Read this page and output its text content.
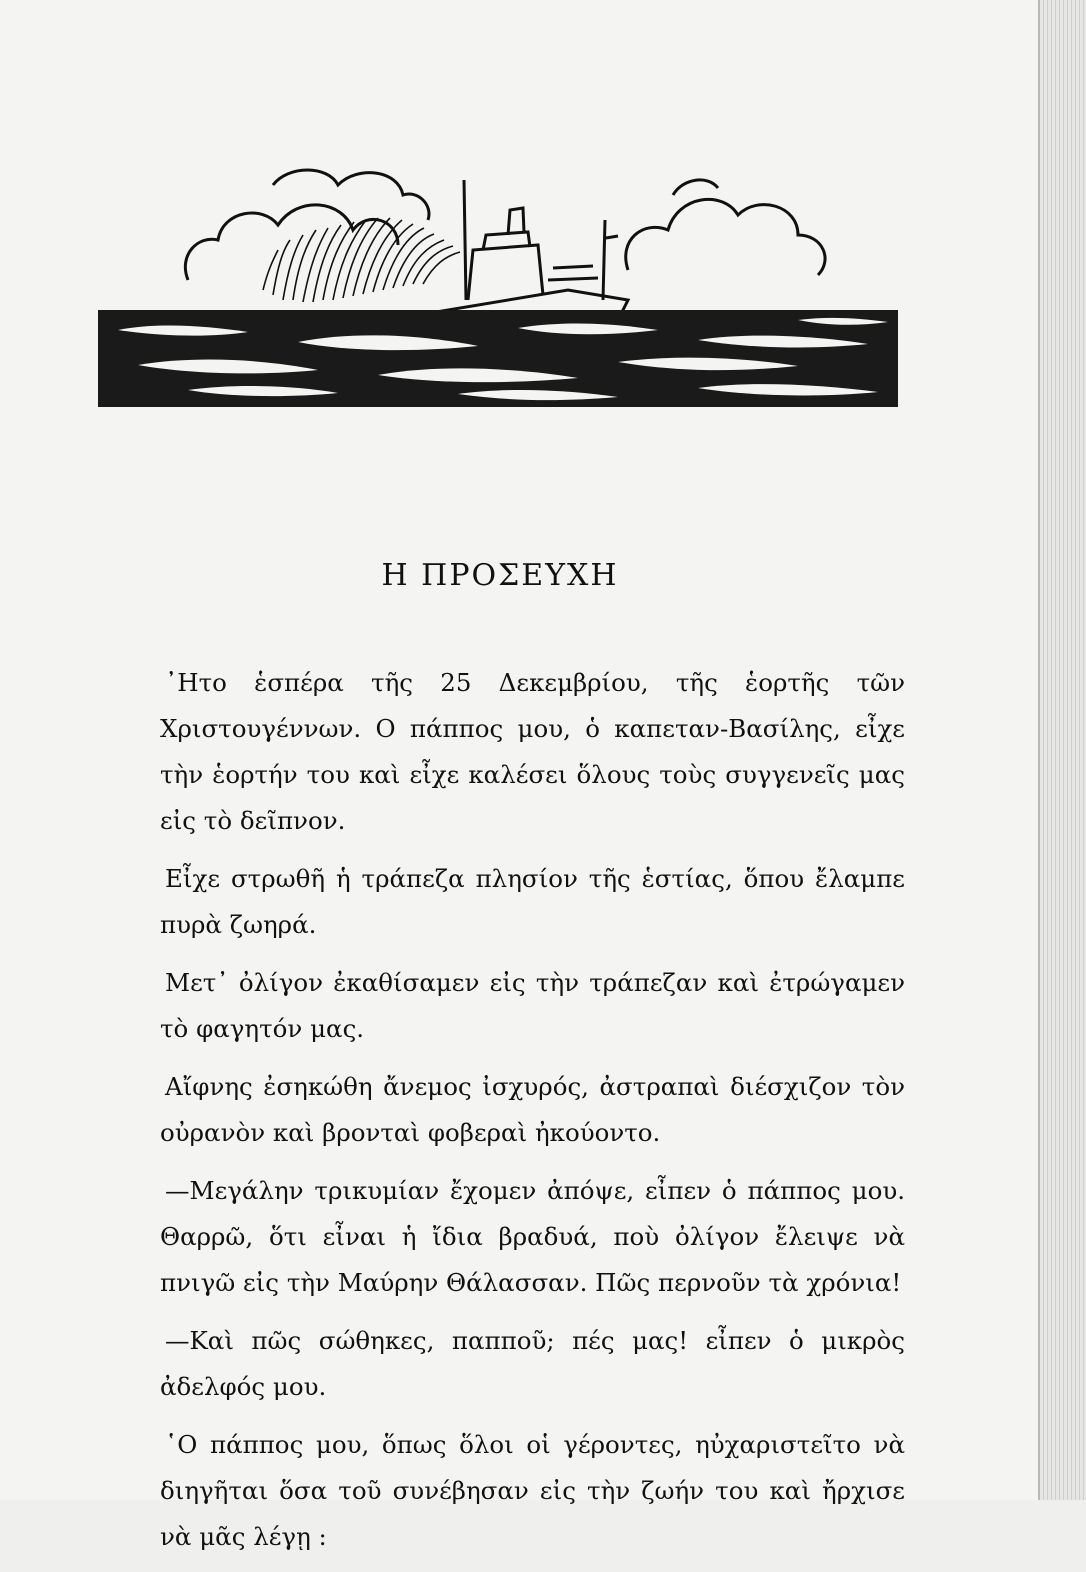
Η ΠΡΟΣΕΥΧΗ

᾿Ητο ἑσπέρα τῆς 25 Δεκεμβρίου, τῆς ἑορτῆς τῶν Χριστουγέννων. Ο πάππος μου, ὁ καπεταν-Βασίλης, εἶχε τὴν ἑορτήν του καὶ εἶχε καλέσει ὅλους τοὺς συγγενεῖς μας εἰς τὸ δεῖπνον.

Εἶχε στρωθῆ ἡ τράπεζα πλησίον τῆς ἑστίας, ὅπου ἔλαμπε πυρὰ ζωηρά.

Μετ᾿ ὀλίγον ἐκαθίσαμεν εἰς τὴν τράπεζαν καὶ ἐτρώγαμεν τὸ φαγητόν μας.

Αἴφνης ἐσηκώθη ἄνεμος ἰσχυρός, ἀστραπαὶ διέσχιζον τὸν οὐρανὸν καὶ βρονταὶ φοβεραὶ ἠκούοντο.

—Μεγάλην τρικυμίαν ἔχομεν ἀπόψε, εἶπεν ὁ πάππος μου. Θαρρῶ, ὅτι εἶναι ἡ ἴδια βραδυά, ποὺ ὀλίγον ἔλειψε νὰ πνιγῶ εἰς τὴν Μαύρην Θάλασσαν. Πῶς περνοῦν τὰ χρόνια!

—Καὶ πῶς σώθηκες, παπποῦ; πές μας! εἶπεν ὁ μικρὸς ἀδελφός μου.

῾Ο πάππος μου, ὅπως ὅλοι οἱ γέροντες, ηὐχαριστεῖτο νὰ διηγῆται ὅσα τοῦ συνέβησαν εἰς τὴν ζωήν του καὶ ἤρχισε νὰ μᾶς λέγῃ :
